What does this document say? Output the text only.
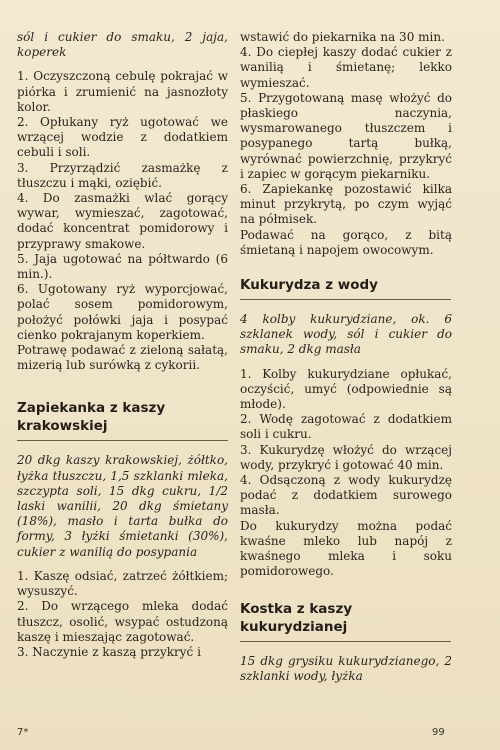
sól i cukier do smaku, 2 jaja, koperek

1. Oczyszczoną cebulę pokrajać w piórka i zrumienić na jasnozłoty kolor.

2. Opłukany ryż ugotować we wrzącej wodzie z dodatkiem cebuli i soli.

3. Przyrządzić zasmażkę z tłuszczu i mąki, oziębić.

4. Do zasmażki wlać gorący wywar, wymieszać, zagotować, dodać koncentrat pomidorowy i przyprawy smakowe.

5. Jaja ugotować na półtwardo (6 min.).

6. Ugotowany ryż wyporcjować, polać sosem pomidorowym, położyć połówki jaja i posypać cienko pokrajanym koperkiem.

Potrawę podawać z zieloną sałatą, mizerią lub surówką z cykorii.

Zapiekanka z kaszy krakowskiej

20 dkg kaszy krakowskiej, żółtko, łyżka tłuszczu, 1,5 szklanki mleka, szczypta soli, 15 dkg cukru, 1/2 laski wanilii, 20 dkg śmietany (18%), masło i tarta bułka do formy, 3 łyżki śmietanki (30%), cukier z wanilią do posypania

1. Kaszę odsiać, zatrzeć żółtkiem; wysuszyć.

2. Do wrzącego mleka dodać tłuszcz, osolić, wsypać ostudzoną kaszę i mieszając zagotować.

3. Naczynie z kaszą przykryć i

wstawić do piekarnika na 30 min.

4. Do ciepłej kaszy dodać cukier z wanilią i śmietanę; lekko wymieszać.

5. Przygotowaną masę włożyć do płaskiego naczynia, wysmarowanego tłuszczem i posypanego tartą bułką, wyrównać powierzchnię, przykryć i zapiec w gorącym piekarniku.

6. Zapiekankę pozostawić kilka minut przykrytą, po czym wyjąć na półmisek.

Podawać na gorąco, z bitą śmietaną i napojem owocowym.

Kukurydza z wody

4 kolby kukurydziane, ok. 6 szklanek wody, sól i cukier do smaku, 2 dkg masła

1. Kolby kukurydziane opłukać, oczyścić, umyć (odpowiednie są młode).

2. Wodę zagotować z dodatkiem soli i cukru.

3. Kukurydzę włożyć do wrzącej wody, przykryć i gotować 40 min.

4. Odsączoną z wody kukurydzę podać z dodatkiem surowego masła.

Do kukurydzy można podać kwaśne mleko lub napój z kwaśnego mleka i soku pomidorowego.

Kostka z kaszy kukurydzianej

15 dkg grysiku kukurydzianego, 2 szklanki wody, łyżka

7*	99
